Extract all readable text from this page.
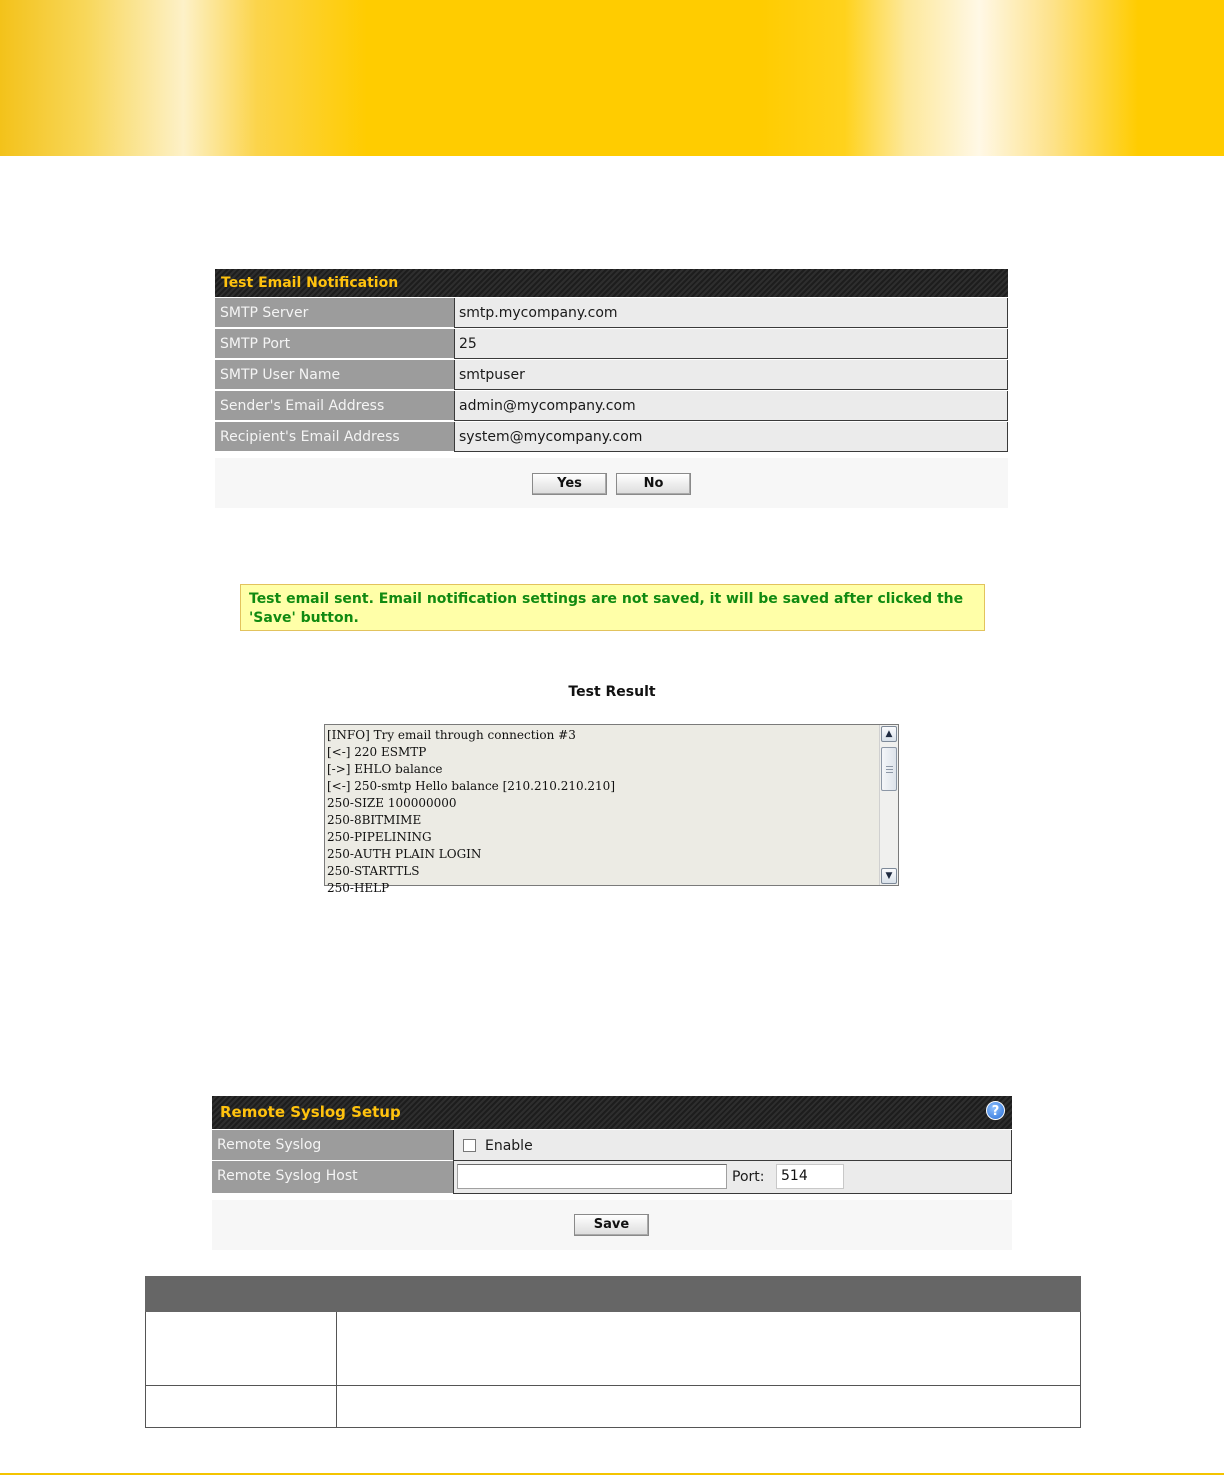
Test Email Notification
SMTP Server	smtp.mycompany.com
SMTP Port	25
SMTP User Name	smtpuser
Sender's Email Address	admin@mycompany.com
Recipient's Email Address	system@mycompany.com
Yes	No
Test email sent. Email notification settings are not saved, it will be saved after clicked the 'Save' button.
Test Result
[INFO] Try email through connection #3
[<-] 220 ESMTP
[->] EHLO balance
[<-] 250-smtp Hello balance [210.210.210.210]
250-SIZE 100000000
250-8BITMIME
250-PIPELINING
250-AUTH PLAIN LOGIN
250-STARTTLS
250-HELP
▲
▼
Remote Syslog Setup	?
Remote Syslog	Enable
Remote Syslog Host	Port:	514
Save
